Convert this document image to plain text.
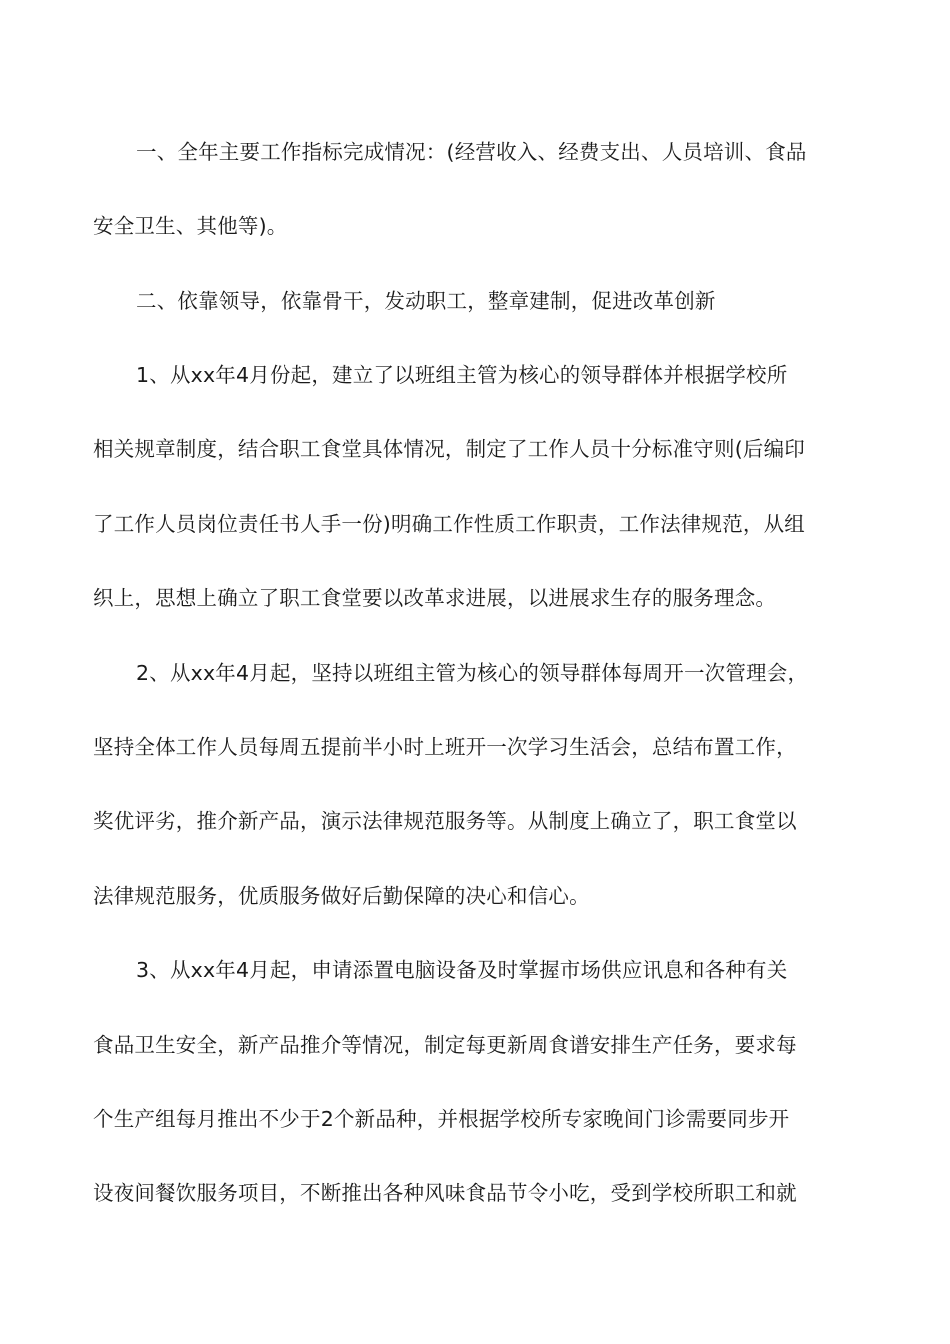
一、全年主要工作指标完成情况：(经营收入、经费支出、人员培训、食品
安全卫生、其他等)。
二、依靠领导，依靠骨干，发动职工，整章建制，促进改革创新
1、从xx年4月份起，建立了以班组主管为核心的领导群体并根据学校所
相关规章制度，结合职工食堂具体情况，制定了工作人员十分标准守则(后编印
了工作人员岗位责任书人手一份)明确工作性质工作职责，工作法律规范，从组
织上，思想上确立了职工食堂要以改革求进展，以进展求生存的服务理念。
2、从xx年4月起，坚持以班组主管为核心的领导群体每周开一次管理会，
坚持全体工作人员每周五提前半小时上班开一次学习生活会，总结布置工作，
奖优评劣，推介新产品，演示法律规范服务等。从制度上确立了，职工食堂以
法律规范服务，优质服务做好后勤保障的决心和信心。
3、从xx年4月起，申请添置电脑设备及时掌握市场供应讯息和各种有关
食品卫生安全，新产品推介等情况，制定每更新周食谱安排生产任务，要求每
个生产组每月推出不少于2个新品种，并根据学校所专家晚间门诊需要同步开
设夜间餐饮服务项目，不断推出各种风味食品节令小吃，受到学校所职工和就
